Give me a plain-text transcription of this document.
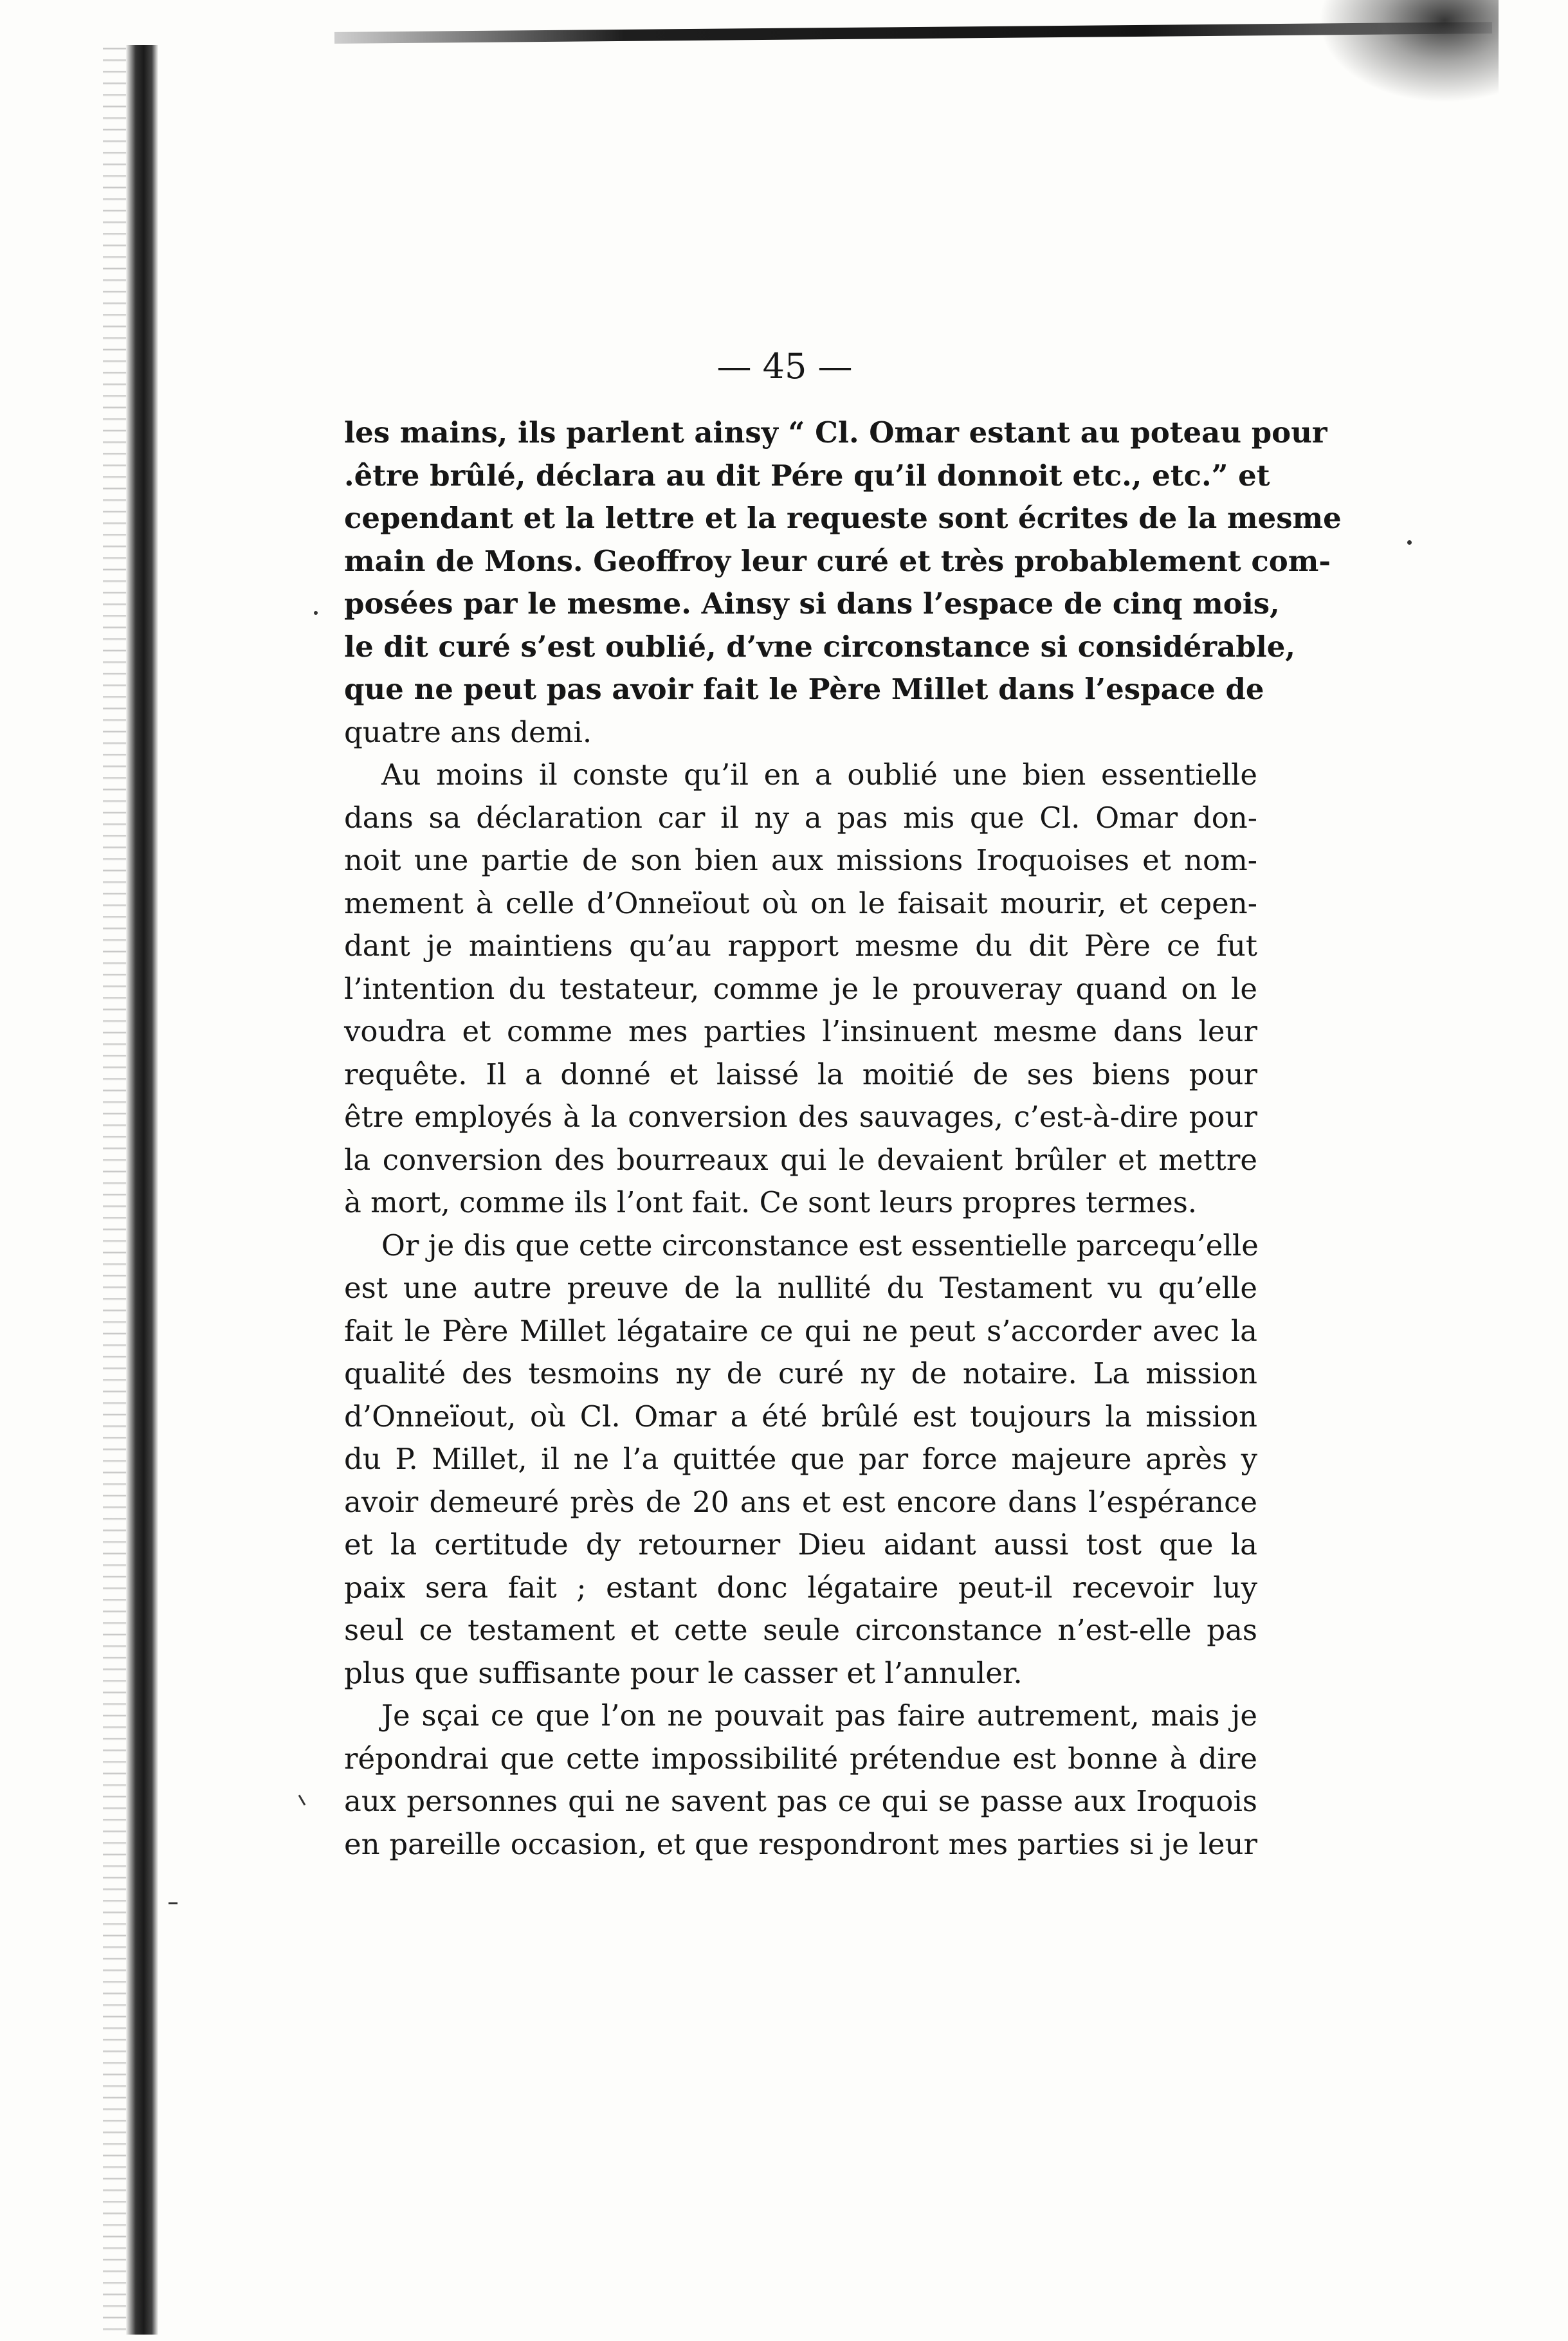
— 45 —
les mains, ils parlent ainsy “ Cl. Omar estant au poteau pour
.être brûlé, déclara au dit Pére qu’il donnoit etc., etc.” et
cependant et la lettre et la requeste sont écrites de la mesme
main de Mons. Geoffroy leur curé et très probablement com-
posées par le mesme. Ainsy si dans l’espace de cinq mois,
le dit curé s’est oublié, d’vne circonstance si considérable,
que ne peut pas avoir fait le Père Millet dans l’espace de
quatre ans demi.
Au moins il conste qu’il en a oublié une bien essentielle
dans sa déclaration car il ny a pas mis que Cl. Omar don-
noit une partie de son bien aux missions Iroquoises et nom-
mement à celle d’Onneïout où on le faisait mourir, et cepen-
dant je maintiens qu’au rapport mesme du dit Père ce fut
l’intention du testateur, comme je le prouveray quand on le
voudra et comme mes parties l’insinuent mesme dans leur
requête. Il a donné et laissé la moitié de ses biens pour
être employés à la conversion des sauvages, c’est-à-dire pour
la conversion des bourreaux qui le devaient brûler et mettre
à mort, comme ils l’ont fait. Ce sont leurs propres termes.
Or je dis que cette circonstance est essentielle parcequ’elle
est une autre preuve de la nullité du Testament vu qu’elle
fait le Père Millet légataire ce qui ne peut s’accorder avec la
qualité des tesmoins ny de curé ny de notaire. La mission
d’Onneïout, où Cl. Omar a été brûlé est toujours la mission
du P. Millet, il ne l’a quittée que par force majeure après y
avoir demeuré près de 20 ans et est encore dans l’espérance
et la certitude dy retourner Dieu aidant aussi tost que la
paix sera fait ; estant donc légataire peut-il recevoir luy
seul ce testament et cette seule circonstance n’est-elle pas
plus que suffisante pour le casser et l’annuler.
Je sçai ce que l’on ne pouvait pas faire autrement, mais je
répondrai que cette impossibilité prétendue est bonne à dire
aux personnes qui ne savent pas ce qui se passe aux Iroquois
en pareille occasion, et que respondront mes parties si je leur
